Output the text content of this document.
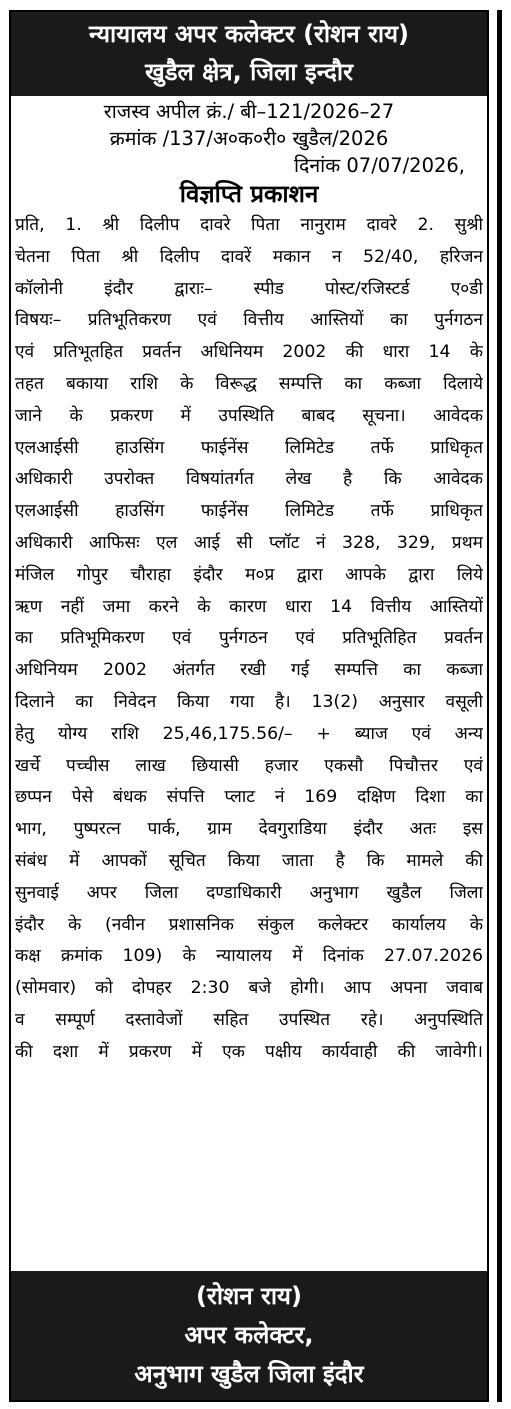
न्यायालय अपर कलेक्टर (रोशन राय)
खुडैल क्षेत्र, जिला इन्दौर
राजस्व अपील क्रं./ बी–121/2026–27
क्रमांक /137/अ०क०री० खुडैल/2026
दिनांक 07/07/2026,
विज्ञप्ति प्रकाशन
प्रति, 1. श्री दिलीप दावरे पिता नानुराम दावरे 2. सुश्री
चेतना पिता श्री दिलीप दावरें मकान न 52/40, हरिजन
कॉलोनी इंदौर द्वाराः– स्पीड पोस्ट/रजिस्टर्ड ए०डी
विषयः– प्रतिभूतिकरण एवं वित्तीय आस्तियों का पुर्नगठन
एवं प्रतिभूतहित प्रवर्तन अधिनियम 2002 की धारा 14 के
तहत बकाया राशि के विरूद्ध सम्पत्ति का कब्जा दिलाये
जाने के प्रकरण में उपस्थिति बाबद सूचना। आवेदक
एलआईसी हाउसिंग फाईनेंस लिमिटेड तर्फे प्राधिकृत
अधिकारी उपरोक्त विषयांतर्गत लेख है कि आवेदक
एलआईसी हाउसिंग फाईनेंस लिमिटेड तर्फे प्राधिकृत
अधिकारी आफिसः एल आई सी प्लॉट नं 328, 329, प्रथम
मंजिल गोपुर चौराहा इंदौर म०प्र द्वारा आपके द्वारा लिये
ऋण नहीं जमा करने के कारण धारा 14 वित्तीय आस्तियों
का प्रतिभूमिकरण एवं पुर्नगठन एवं प्रतिभूतिहित प्रवर्तन
अधिनियम 2002 अंतर्गत रखी गई सम्पत्ति का कब्जा
दिलाने का निवेदन किया गया है। 13(2) अनुसार वसूली
हेतु योग्य राशि 25,46,175.56/– + ब्याज एवं अन्य
खर्चे पच्चीस लाख छियासी हजार एकसौ पिचौत्तर एवं
छप्पन पेसे बंधक संपत्ति प्लाट नं 169 दक्षिण दिशा का
भाग, पुष्परत्न पार्क, ग्राम देवगुराडिया इंदौर अतः इस
संबंध में आपकों सूचित किया जाता है कि मामले की
सुनवाई अपर जिला दण्डाधिकारी अनुभाग खुडैल जिला
इंदौर के (नवीन प्रशासनिक संकुल कलेक्टर कार्यालय के
कक्ष क्रमांक 109) के न्यायालय में दिनांक 27.07.2026
(सोमवार) को दोपहर 2:30 बजे होगी। आप अपना जवाब
व सम्पूर्ण दस्तावेजों सहित उपस्थित रहे। अनुपस्थिति
की दशा में प्रकरण में एक पक्षीय कार्यवाही की जावेगी।
(रोशन राय)
अपर कलेक्टर,
अनुभाग खुडैल जिला इंदौर
